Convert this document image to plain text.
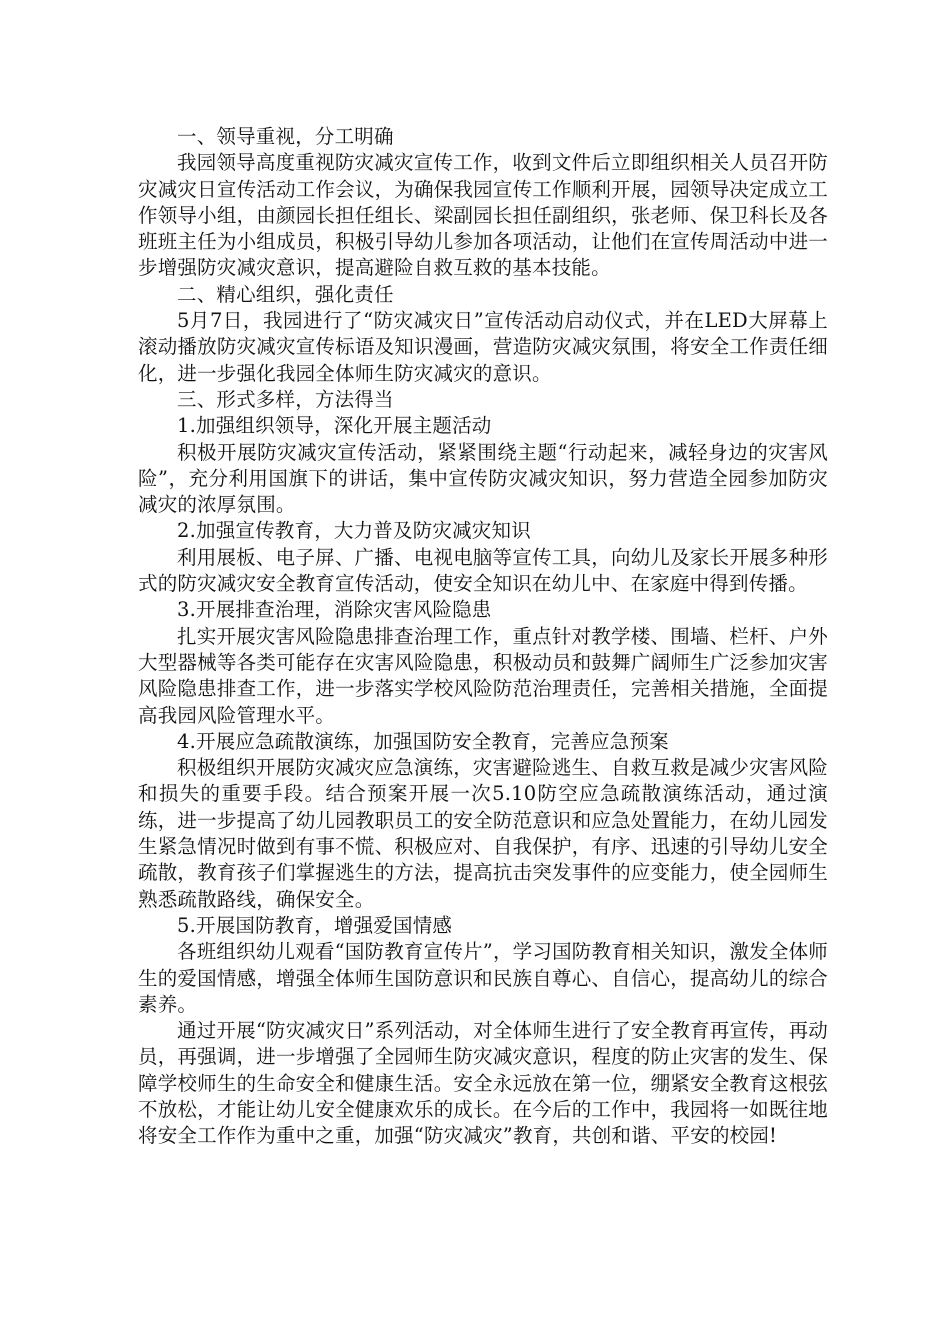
一、领导重视，分工明确

我园领导高度重视防灾减灾宣传工作，收到文件后立即组织相关人员召开防灾减灾日宣传活动工作会议，为确保我园宣传工作顺利开展，园领导决定成立工作领导小组，由颜园长担任组长、梁副园长担任副组织，张老师、保卫科长及各班班主任为小组成员，积极引导幼儿参加各项活动，让他们在宣传周活动中进一步增强防灾减灾意识，提高避险自救互救的基本技能。

二、精心组织，强化责任

5月7日，我园进行了“防灾减灾日”宣传活动启动仪式，并在LED大屏幕上滚动播放防灾减灾宣传标语及知识漫画，营造防灾减灾氛围，将安全工作责任细化，进一步强化我园全体师生防灾减灾的意识。

三、形式多样，方法得当

1.加强组织领导，深化开展主题活动

积极开展防灾减灾宣传活动，紧紧围绕主题“行动起来，减轻身边的灾害风险”，充分利用国旗下的讲话，集中宣传防灾减灾知识，努力营造全园参加防灾减灾的浓厚氛围。

2.加强宣传教育，大力普及防灾减灾知识

利用展板、电子屏、广播、电视电脑等宣传工具，向幼儿及家长开展多种形式的防灾减灾安全教育宣传活动，使安全知识在幼儿中、在家庭中得到传播。

3.开展排查治理，消除灾害风险隐患

扎实开展灾害风险隐患排查治理工作，重点针对教学楼、围墙、栏杆、户外大型器械等各类可能存在灾害风险隐患，积极动员和鼓舞广阔师生广泛参加灾害风险隐患排查工作，进一步落实学校风险防范治理责任，完善相关措施，全面提高我园风险管理水平。

4.开展应急疏散演练，加强国防安全教育，完善应急预案

积极组织开展防灾减灾应急演练，灾害避险逃生、自救互救是减少灾害风险和损失的重要手段。结合预案开展一次5.10防空应急疏散演练活动，通过演练，进一步提高了幼儿园教职员工的安全防范意识和应急处置能力，在幼儿园发生紧急情况时做到有事不慌、积极应对、自我保护，有序、迅速的引导幼儿安全疏散，教育孩子们掌握逃生的方法，提高抗击突发事件的应变能力，使全园师生熟悉疏散路线，确保安全。

5.开展国防教育，增强爱国情感

各班组织幼儿观看“国防教育宣传片”，学习国防教育相关知识，激发全体师生的爱国情感，增强全体师生国防意识和民族自尊心、自信心，提高幼儿的综合素养。

通过开展“防灾减灾日”系列活动，对全体师生进行了安全教育再宣传，再动员，再强调，进一步增强了全园师生防灾减灾意识，程度的防止灾害的发生、保障学校师生的生命安全和健康生活。安全永远放在第一位，绷紧安全教育这根弦不放松，才能让幼儿安全健康欢乐的成长。在今后的工作中，我园将一如既往地将安全工作作为重中之重，加强“防灾减灾”教育，共创和谐、平安的校园!
